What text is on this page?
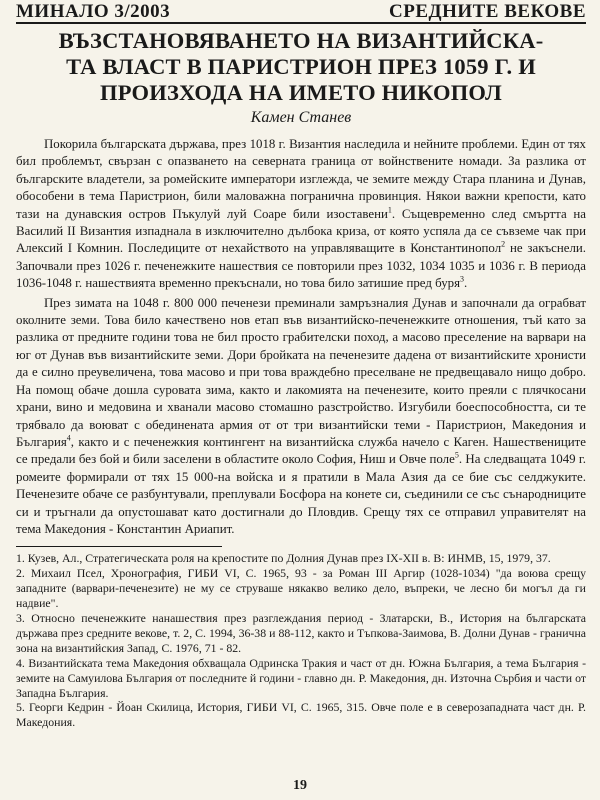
МИНАЛО 3/2003	СРЕДНИТЕ ВЕКОВЕ
ВЪЗСТАНОВЯВАНЕТО НА ВИЗАНТИЙСКА-
ТА ВЛАСТ В ПАРИСТРИОН ПРЕЗ 1059 Г. И
ПРОИЗХОДА НА ИМЕТО НИКОПОЛ
Камен Станев

Покорила българската държава, през 1018 г. Византия наследила и нейните проблеми. Един от тях бил проблемът, свързан с опазването на северната граница от войнствените номади. За разлика от българските владетели, за ромейските императори изглежда, че земите между Стара планина и Дунав, обособени в тема Паристрион, били маловажна погранична провинция. Някои важни крепости, като тази на дунавския остров Пъкулуй луй Соаре били изоставени$^1$. Същевременно след смъртта на Василий II Византия изпаднала в изключително дълбока криза, от която успяла да се съвземе чак при Алексий I Комнин. Последиците от нехайството на управляващите в Константинопол$^2$ не закъснели. Започвали през 1026 г. печенежките нашествия се повторили през 1032, 1034 1035 и 1036 г. В периода 1036-1048 г. нашествията временно прекъснали, но това било затишие пред буря$^3$.

През зимата на 1048 г. 800 000 печенези преминали замръзналия Дунав и започнали да ограбват околните земи. Това било качествено нов етап във византийско-печенежките отношения, тъй като за разлика от предните години това не бил просто грабителски поход, а масово преселение на варвари на юг от Дунав във византийските земи. Дори бройката на печенезите дадена от византийските хронисти да е силно преувеличена, това масово и при това враждебно преселване не предвещавало нищо добро. На помощ обаче дошла суровата зима, както и лакомията на печенезите, които преяли с плячкосани храни, вино и медовина и хванали масово стомашно разстройство. Изгубили боеспособността, си те трябвало да воюват с обединената армия от от три византийски теми - Паристрион, Македония и България$^4$, както и с печенежкия контингент на византийска служба начело с Каген. Нашествениците се предали без бой и били заселени в областите около София, Ниш и Овче поле$^5$. На следващата 1049 г. ромеите формирали от тях 15 000-на войска и я пратили в Мала Азия да се бие със селджуките. Печенезите обаче се разбунтували, преплували Босфора на конете си, съединили се със сънародниците си и тръгнали да опустошават като достигнали до Пловдив. Срещу тях се отправил управителят на тема Македония - Константин Ариапит.

1. Кузев, Ал., Стратегическата роля на крепостите по Долния Дунав през IX-XII в. В: ИНМВ, 15, 1979, 37.

2. Михаил Псел, Хронография, ГИБИ VI, С. 1965, 93 - за Роман III Аргир (1028-1034) "да воюва срещу западните (варвари-печенезите) не му се струваше някакво велико дело, въпреки, че лесно би могъл да ги надвие".

3. Относно печенежките нанашествия през разглеждания период - Златарски, В., История на българската държава през средните векове, т. 2, С. 1994, 36-38 и 88-112, както и Тъпкова-Заимова, В. Долни Дунав - гранична зона на византийския Запад, С. 1976, 71 - 82.

4. Византийската тема Македония обхващала Одринска Тракия и част от дн. Южна България, а тема България - земите на Самуилова България от последните й години - главно дн. Р. Македония, дн. Източна Сърбия и части от Западна България.

5. Георги Кедрин - Йоан Скилица, История, ГИБИ VI, С. 1965, 315. Овче поле е в северозападната част дн. Р. Македония.

19
